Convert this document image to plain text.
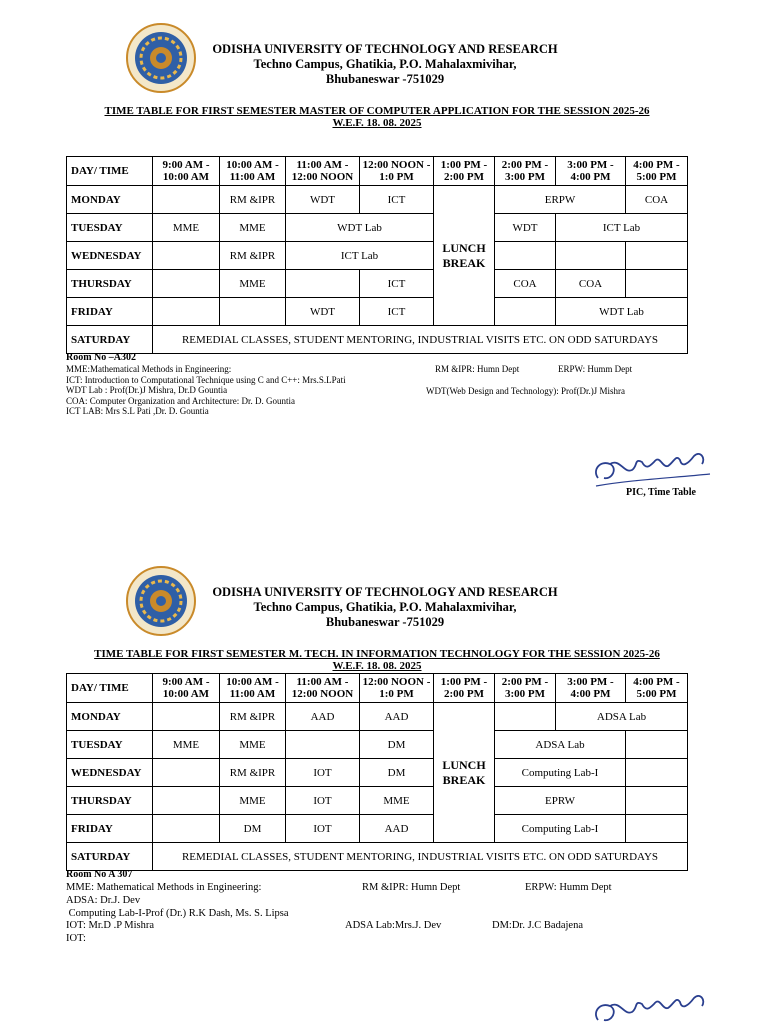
ODISHA UNIVERSITY OF TECHNOLOGY AND RESEARCH
Techno Campus, Ghatikia, P.O. Mahalaxmivihar,
Bhubaneswar -751029
TIME TABLE FOR FIRST SEMESTER MASTER OF COMPUTER APPLICATION FOR THE SESSION 2025-26
W.E.F. 18. 08. 2025
DAY/ TIME	9:00 AM - 10:00 AM	10:00 AM - 11:00 AM	11:00 AM - 12:00 NOON	12:00 NOON - 1:0 PM	1:00 PM - 2:00 PM	2:00 PM - 3:00 PM	3:00 PM - 4:00 PM	4:00 PM - 5:00 PM
MONDAY		RM &IPR	WDT	ICT	LUNCH BREAK	ERPW		COA
TUESDAY	MME	MME	WDT Lab			WDT	ICT Lab	
WEDNESDAY		RM &IPR	ICT Lab					
THURSDAY		MME		ICT		COA	COA	
FRIDAY			WDT	ICT			WDT Lab	
SATURDAY	REMEDIAL CLASSES, STUDENT MENTORING, INDUSTRIAL VISITS ETC. ON ODD SATURDAYS							
Room No –A302
MME:Mathematical Methods in Engineering:
ICT: Introduction to Computational Technique using C and C++: Mrs.S.LPati
WDT Lab : Prof(Dr.)J Mishra, Dr.D Gountia
COA: Computer Organization and Architecture: Dr. D. Gountia
ICT LAB: Mrs S.L Pati ,Dr. D. Gountia
RM &IPR: Humn Dept	ERPW: Humm Dept
WDT(Web Design and Technology): Prof(Dr.)J Mishra
PIC, Time Table
ODISHA UNIVERSITY OF TECHNOLOGY AND RESEARCH
Techno Campus, Ghatikia, P.O. Mahalaxmivihar,
Bhubaneswar -751029
TIME TABLE FOR FIRST SEMESTER M. TECH. IN INFORMATION TECHNOLOGY FOR THE SESSION 2025-26
W.E.F. 18. 08. 2025
DAY/ TIME	9:00 AM - 10:00 AM	10:00 AM - 11:00 AM	11:00 AM - 12:00 NOON	12:00 NOON - 1:0 PM	1:00 PM - 2:00 PM	2:00 PM - 3:00 PM	3:00 PM - 4:00 PM	4:00 PM - 5:00 PM
MONDAY		RM &IPR	AAD	AAD	LUNCH BREAK		ADSA Lab	
TUESDAY	MME	MME		DM		ADSA Lab		
WEDNESDAY		RM &IPR	IOT	DM		Computing Lab-I		
THURSDAY		MME	IOT	MME		EPRW		
FRIDAY		DM	IOT	AAD		Computing Lab-I		
SATURDAY	REMEDIAL CLASSES, STUDENT MENTORING, INDUSTRIAL VISITS ETC. ON ODD SATURDAYS							
Room No A 307
MME: Mathematical Methods in Engineering:	RM &IPR: Humn Dept	ERPW: Humm Dept
ADSA: Dr.J. Dev
Computing Lab-I-Prof (Dr.) R.K Dash, Ms. S. Lipsa
IOT: Mr.D .P Mishra	ADSA Lab:Mrs.J. Dev	DM:Dr. J.C Badajena
IOT:
